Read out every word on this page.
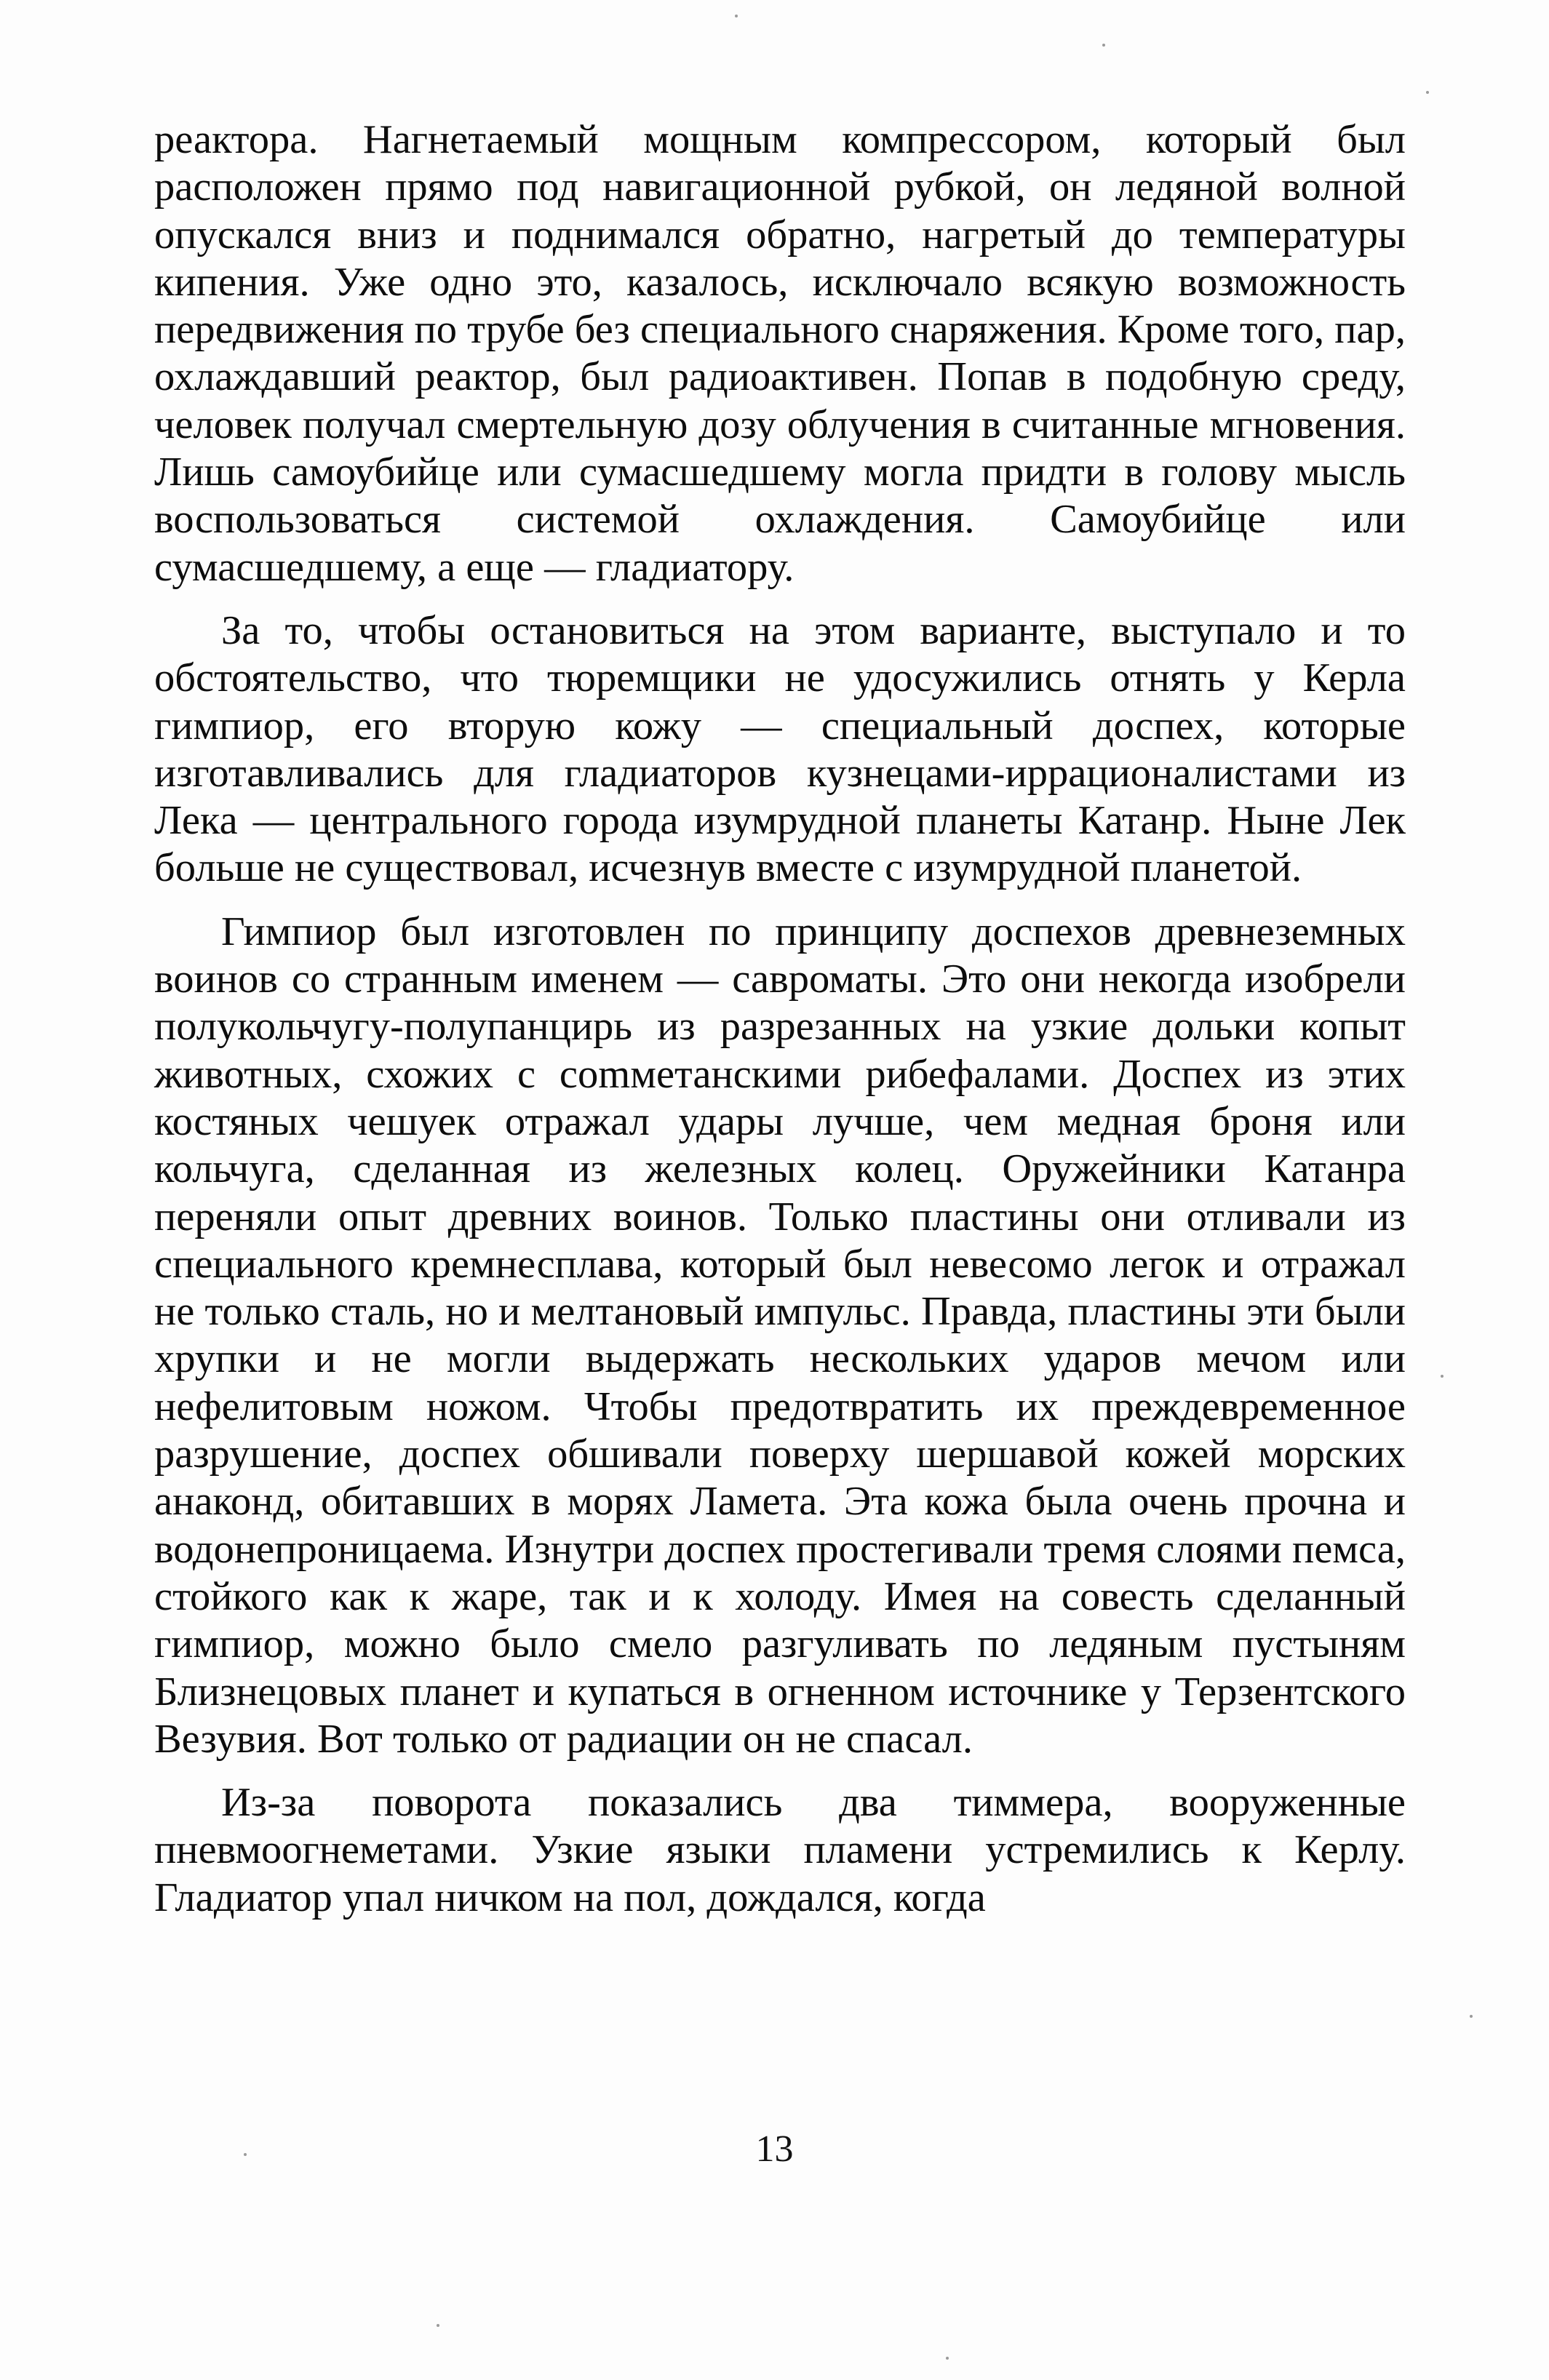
реактора. Нагнетаемый мощным компрессором, который был расположен прямо под навигационной рубкой, он ледяной волной опускался вниз и поднимался обратно, нагретый до температуры кипения. Уже одно это, казалось, исключало всякую возможность передвижения по трубе без специального снаряжения. Кроме того, пар, охлаждавший реактор, был радиоактивен. Попав в подобную среду, человек получал смертельную дозу облучения в считанные мгновения. Лишь самоубийце или сумасшедшему могла придти в голову мысль воспользоваться системой охлаждения. Самоубийце или сумасшедшему, а еще — гладиатору.

За то, чтобы остановиться на этом варианте, выступало и то обстоятельство, что тюремщики не удосужились отнять у Керла гимпиор, его вторую кожу — специальный доспех, которые изготавливались для гладиаторов кузнецами-иррационалистами из Лека — центрального города изумрудной планеты Катанр. Ныне Лек больше не существовал, исчезнув вместе с изумрудной планетой.

Гимпиор был изготовлен по принципу доспехов древнеземных воинов со странным именем — савроматы. Это они некогда изобрели полукольчугу-полупанцирь из разрезанных на узкие дольки копыт животных, схожих с comметанскими рибефалами. Доспех из этих костяных чешуек отражал удары лучше, чем медная броня или кольчуга, сделанная из железных колец. Оружейники Катанра переняли опыт древних воинов. Только пластины они отливали из специального кремнесплава, который был невесомо легок и отражал не только сталь, но и мелтановый импульс. Правда, пластины эти были хрупки и не могли выдержать нескольких ударов мечом или нефелитовым ножом. Чтобы предотвратить их преждевременное разрушение, доспех обшивали поверху шершавой кожей морских анаконд, обитавших в морях Ламета. Эта кожа была очень прочна и водонепроницаема. Изнутри доспех простегивали тремя слоями пемса, стойкого как к жаре, так и к холоду. Имея на совесть сделанный гимпиор, можно было смело разгуливать по ледяным пустыням Близнецовых планет и купаться в огненном источнике у Терзентского Везувия. Вот только от радиации он не спасал.

Из-за поворота показались два тиммера, вооруженные пневмоогнеметами. Узкие языки пламени устремились к Керлу. Гладиатор упал ничком на пол, дождался, когда

13
